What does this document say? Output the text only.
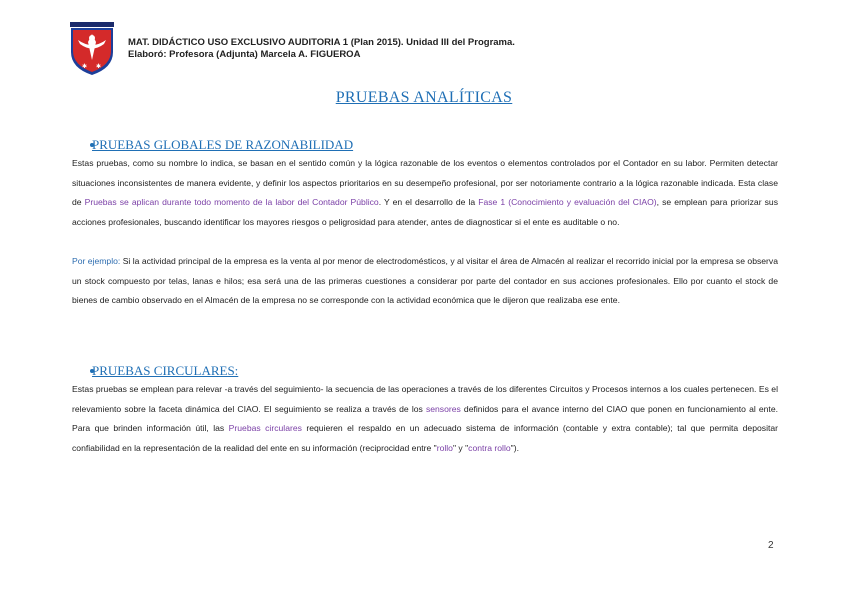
✱ ✱
MAT. DIDÁCTICO USO EXCLUSIVO AUDITORIA 1 (Plan 2015). Unidad III del Programa.
Elaboró: Profesora (Adjunta) Marcela A. FIGUEROA
PRUEBAS ANALÍTICAS
PRUEBAS GLOBALES DE RAZONABILIDAD
Estas pruebas, como su nombre lo indica, se basan en el sentido común y la lógica razonable de los eventos o elementos controlados por el Contador en su labor. Permiten detectar situaciones inconsistentes de manera evidente, y definir los aspectos prioritarios en su desempeño profesional, por ser notoriamente contrario a la lógica razonable indicada. Esta clase de Pruebas se aplican durante todo momento de la labor del Contador Público. Y en el desarrollo de la Fase 1 (Conocimiento y evaluación del CIAO), se emplean para priorizar sus acciones profesionales, buscando identificar los mayores riesgos o peligrosidad para atender, antes de diagnosticar si el ente es auditable o no.
Por ejemplo: Si la actividad principal de la empresa es la venta al por menor de electrodomésticos, y al visitar el área de Almacén al realizar el recorrido inicial por la empresa se observa un stock compuesto por telas, lanas e hilos; esa será una de las primeras cuestiones a considerar por parte del contador en sus acciones profesionales. Ello por cuanto el stock de bienes de cambio observado en el Almacén de la empresa no se corresponde con la actividad económica que le dijeron que realizaba ese ente.
PRUEBAS CIRCULARES:
Estas pruebas se emplean para relevar -a través del seguimiento- la secuencia de las operaciones a través de los diferentes Circuitos y Procesos internos a los cuales pertenecen. Es el relevamiento sobre la faceta dinámica del CIAO. El seguimiento se realiza a través de los sensores definidos para el avance interno del CIAO que ponen en funcionamiento al ente. Para que brinden información útil, las Pruebas circulares requieren el respaldo en un adecuado sistema de información (contable y extra contable); tal que permita depositar confiabilidad en la representación de la realidad del ente en su información (reciprocidad entre "rollo" y "contra rollo").
2
